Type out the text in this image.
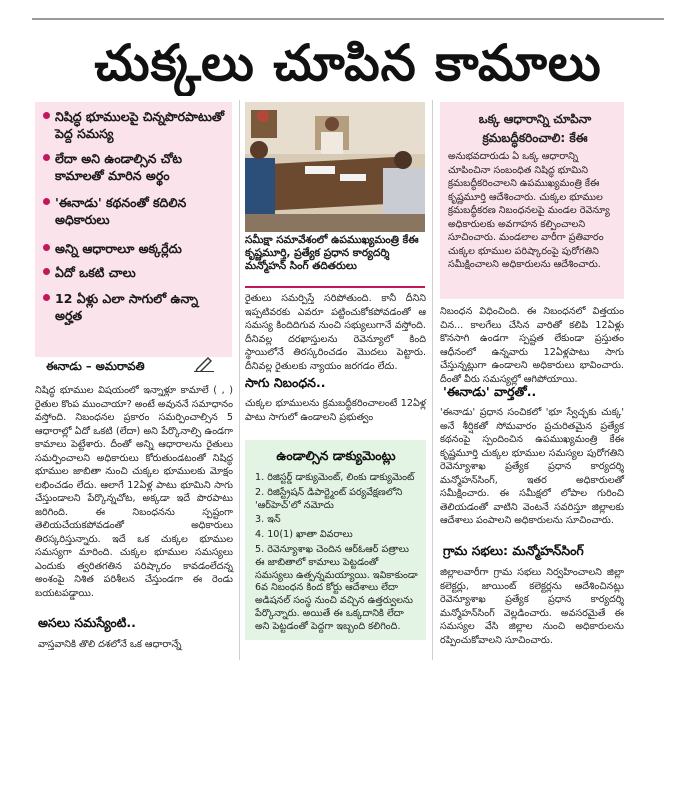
చుక్కలు చూపిన కామాలు
నిషిద్ధ భూములపై చిన్నపొరపాటుతో పెద్ద సమస్య
లేదా అని ఉండాల్సిన చోట కామాలతో మారిన అర్థం
'ఈనాడు' కథనంతో కదిలిన అధికారులు
అన్ని ఆధారాలూ అక్కర్లేదు
ఏదో ఒకటి చాలు
12 ఏళ్లు ఎలా సాగులో ఉన్నా అర్హత
ఈనాడు – అమరావతి
సమీక్షా సమావేశంలో ఉపముఖ్యమంత్రి కేఈ కృష్ణమూర్తి, ప్రత్యేక ప్రధాన కార్యదర్శి మన్మోహన్ సింగ్ తదితరులు
ఒక్క ఆధారాన్ని చూపినా క్రమబద్ధీకరించాలి: కేఈ
అనుభవదారుడు ఏ ఒక్క ఆధారాన్ని చూపించినా సంబంధిత నిషిద్ధ భూమిని క్రమబద్ధీకరించాలని ఉపముఖ్యమంత్రి కేఈ కృష్ణమూర్తి ఆదేశించారు. చుక్కల భూముల క్రమబద్ధీకరణ నిబంధనలపై మండల రెవెన్యూ అధికారులకు అవగాహన కల్పించాలని సూచించారు. మండలాల వారీగా ప్రతివారం చుక్కల భూముల పరిష్కారంపై పురోగతిని సమీక్షించాలని అధికారులను ఆదేశించారు.
నిషిద్ధ భూముల విషయంలో ఇన్నాళ్లూ కామాలే ( , ) రైతుల కొంప ముంచాయా? అంటే అవుననే సమాధానం వస్తోంది. నిబంధనల ప్రకారం సమర్పించాల్సిన 5 ఆధారాల్లో ఏదో ఒకటి (లేదా) అని పేర్కొనాల్సి ఉండగా కామాలు పెట్టేశారు. దీంతో అన్ని ఆధారాలను రైతులు సమర్పించాలని అధికారులు కోరుతుండటంతో నిషిద్ధ భూముల జాబితా నుంచి చుక్కల భూములకు మోక్షం లభించడం లేదు. ఆలాగే 12ఏళ్ల పాటు భూమిని సాగు చేస్తుండాలని పేర్కొన్నచోట, అక్కడా ఇదే పొరపాటు జరిగింది. ఈ నిబంధనను స్పష్టంగా తెలియచేయకపోవడంతో అధికారులు తిరస్కరిస్తున్నారు. ఇదే ఒక చుక్కల భూముల సమస్యగా మారింది. చుక్కల భూముల సమస్యలు ఎందుకు త్వరితగతిన పరిష్కారం కావడంలేదన్న అంశంపై నిశిత పరిశీలన చేస్తుండగా ఈ రెండు బయటపడ్డాయి.
అసలు సమస్యేంటి..
వాస్తవానికి తొలి దశలోనే ఒక ఆధారాన్నే
రైతులు సమర్పిస్తే సరిపోతుంది. కానీ దీనిని ఇప్పటివరకు ఎవరూ పట్టించుకోకపోవడంతో ఆ సమస్య కిందిదిగువ నుంచి సభ్యులుగానే వస్తోంది. దీనివల్ల దరఖాస్తులను రెవెన్యూలో కింది స్థాయిలోనే తిరస్కరించడం మొదలు పెట్టారు. దీనివల్ల రైతులకు న్యాయం జరగడం లేదు.
సాగు నిబంధన..
చుక్కల భూములను క్రమబద్ధీకరించాలంటే 12ఏళ్ల పాటు సాగులో ఉండాలని ప్రభుత్వం
ఉండాల్సిన డాక్యుమెంట్లు
1. రిజిస్టర్డ్ డాక్యుమెంట్, లింకు డాక్యుమెంట్
2. రిజిస్ట్రేషన్ డిపార్ట్మెంట్ పర్యవేక్షణలోని 'ఆర్‌హెచ్'లో నమోదు
3. ఇన్
4. 10(1) ఖాతా వివరాలు
5. రెవెన్యూశాఖ చెందిన ఆర్‌ఓఆర్ పత్రాలు ఈ జాబితాలో కామాలు పెట్టడంతో సమస్యలు ఉత్పన్నమయ్యాయి. ఇవికాకుండా 6వ నిబంధన కింద కోర్టు ఆదేశాలు లేదా అడిషనల్ సంస్థ నుంచి వచ్చిన ఉత్తర్వులను పేర్కొన్నారు. అయితే ఈ ఒక్కదానికి లేదా అని పెట్టడంతో పెద్దగా ఇబ్బంది కలిగింది.
నిబంధన విధించింది. ఈ నిబంధనలో విత్తయం చిన... కాలగేలు చేసిన వారితో కలిపి 12ఏళ్లు కొనసాగి ఉండగా స్పష్టత లేకుండా ప్రస్తుతం ఆధీనంలో ఉన్నవారు 12ఏళ్లపాటు సాగు చేస్తున్నట్లుగా ఉండాలని అధికారులు భావించారు. దీంతో వీరు సమస్యల్లో ఆగిపోయాయి.
'ఈనాడు' వార్తతో..
'ఈనాడు' ప్రధాన సంచికలో 'భూ స్వేచ్ఛకు చుక్క' అనే శీర్షికతో సోమవారం ప్రచురితమైన ప్రత్యేక కథనంపై స్పందించిన ఉపముఖ్యమంత్రి కేఈ కృష్ణమూర్తి చుక్కల భూముల సమస్యల పురోగతిని రెవెన్యూశాఖ ప్రత్యేక ప్రధాన కార్యదర్శి మన్మోహన్‌సింగ్, ఇతర అధికారులతో సమీక్షించారు. ఈ సమీక్షలో లోపాల గురించి తెలియడంతో వాటిని వెంటనే సవరిస్తూ జిల్లాలకు ఆదేశాలు పంపాలని అధికారులను సూచించారు.
గ్రామ సభలు: మన్మోహన్‌సింగ్
జిల్లాలవారీగా గ్రామ సభలు నిర్వహించాలని జిల్లా కలెక్టర్లు, జాయింట్ కలెక్టర్లను ఆదేశించినట్లు రెవెన్యూశాఖ ప్రత్యేక ప్రధాన కార్యదర్శి మన్మోహన్‌సింగ్ వెల్లడించారు. అవసరమైతే ఈ సమస్యల వేసి జిల్లాల నుంచి అధికారులను రప్పించుకోవాలని సూచించారు.
